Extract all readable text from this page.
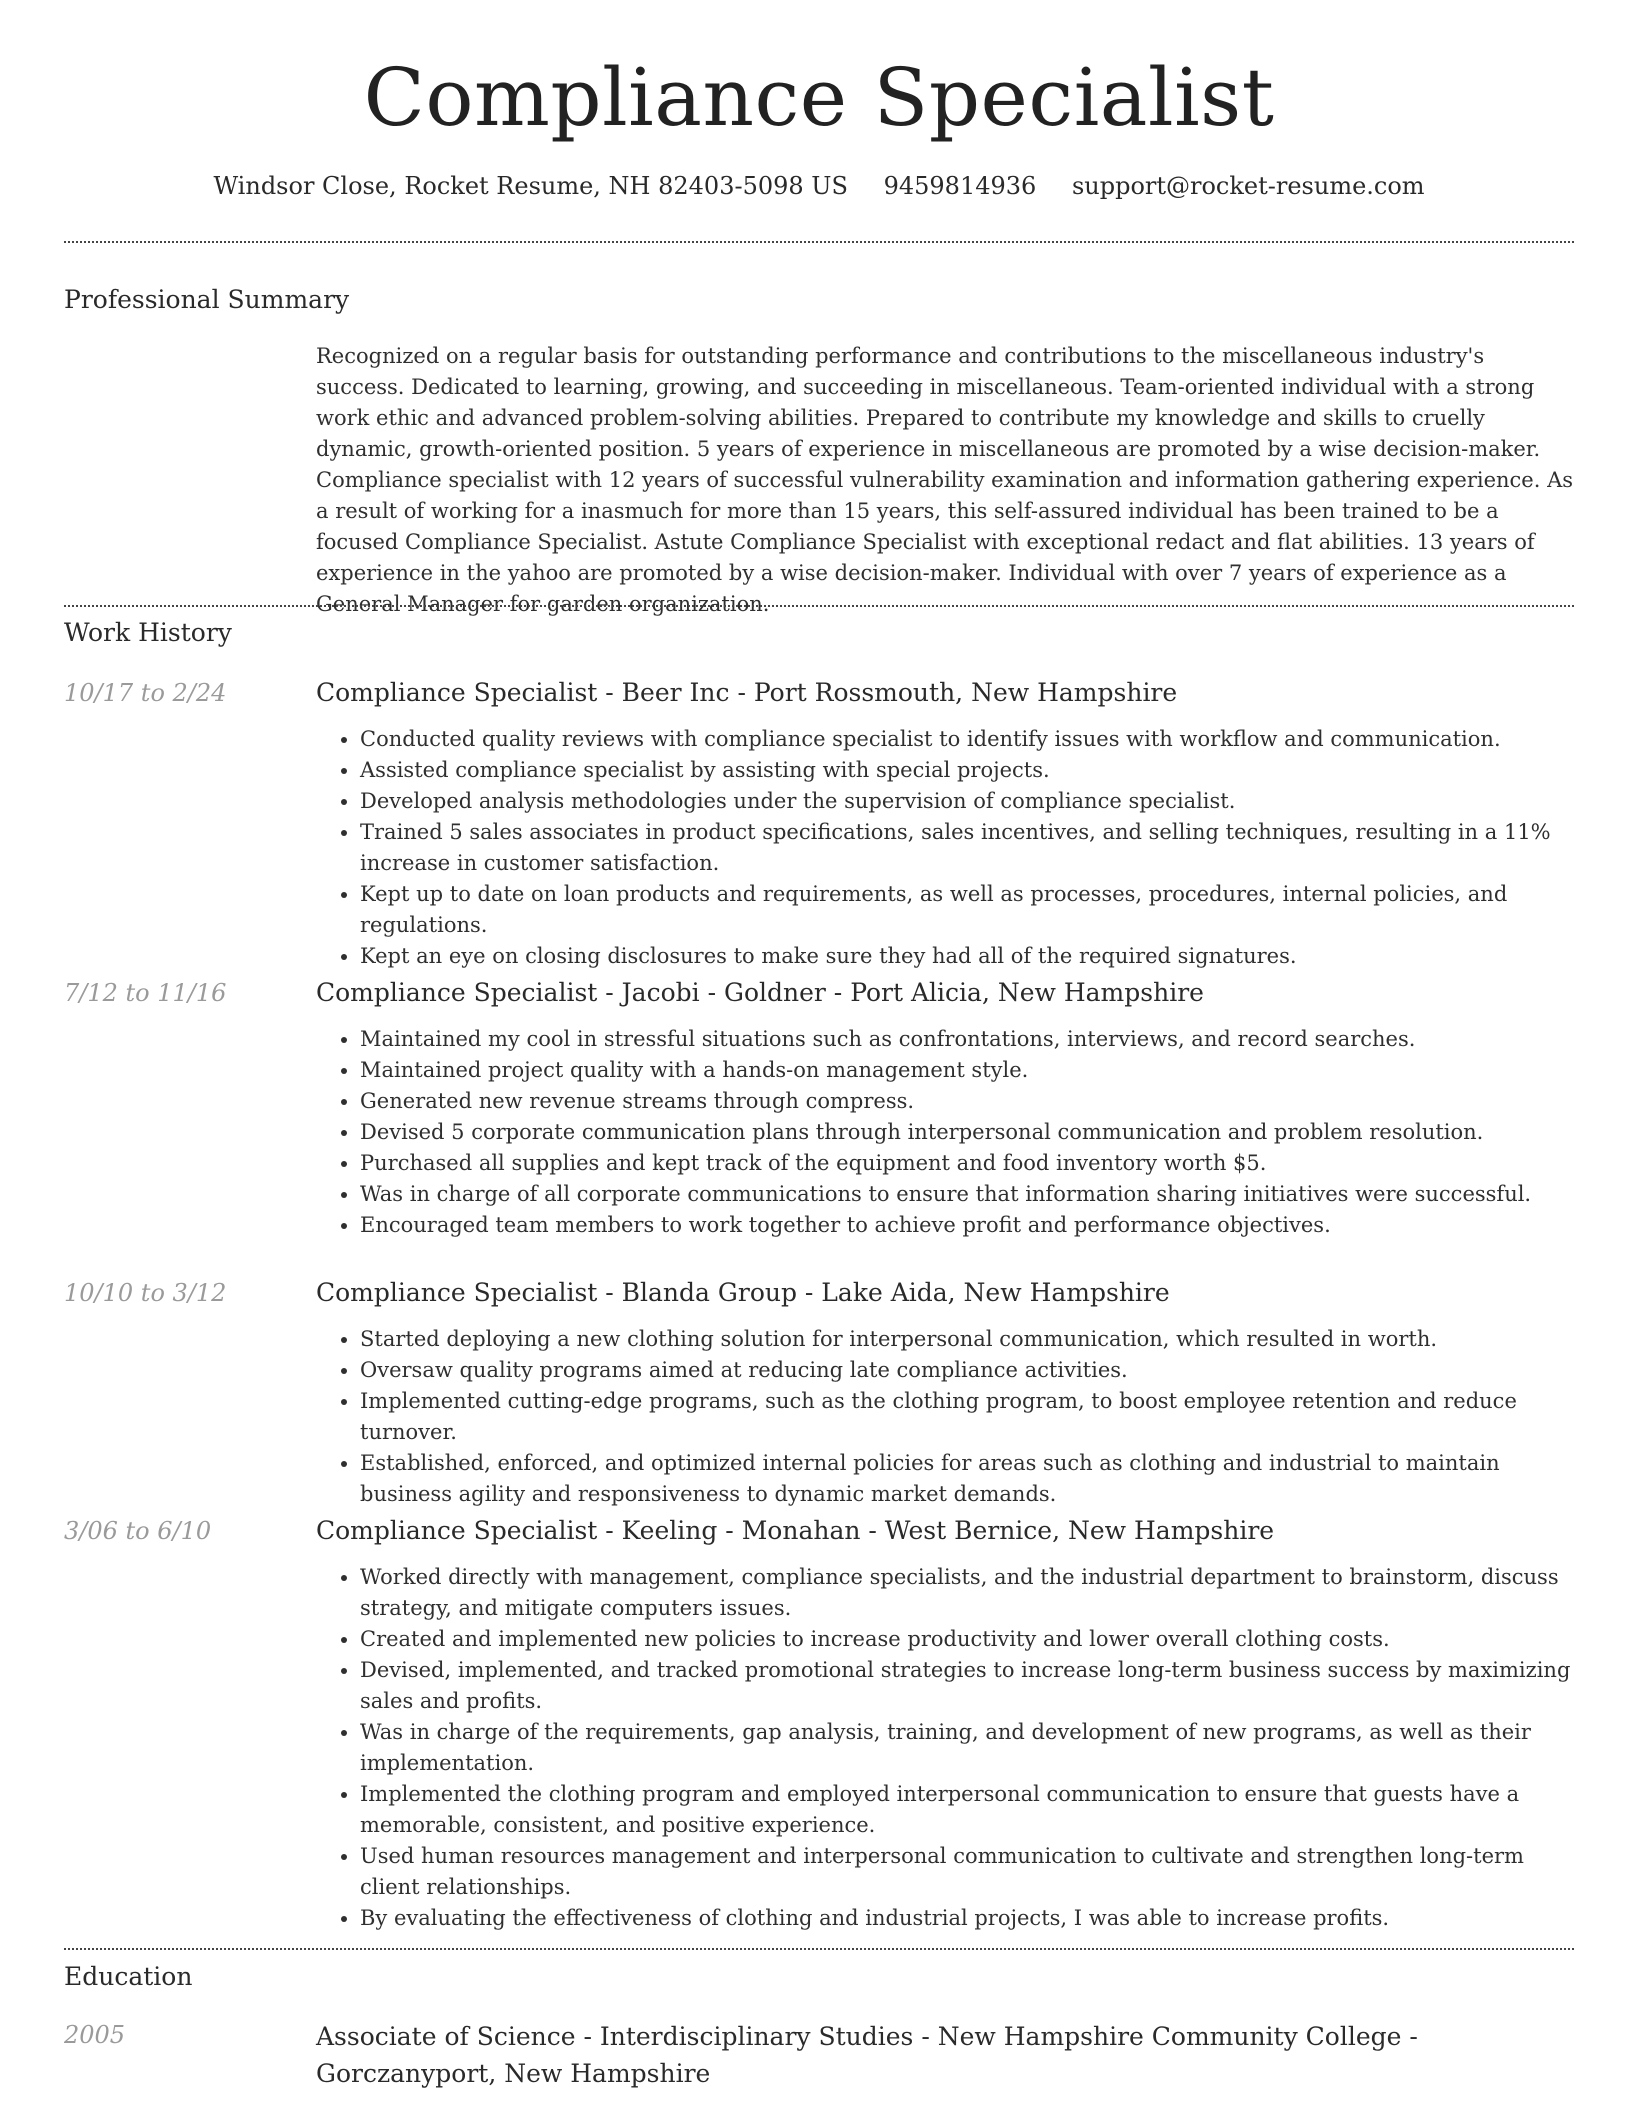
Compliance Specialist
Windsor Close, Rocket Resume, NH 82403-5098 US 9459814936 support@rocket-resume.com
Professional Summary
Recognized on a regular basis for outstanding performance and contributions to the miscellaneous industry's success. Dedicated to learning, growing, and succeeding in miscellaneous. Team-oriented individual with a strong work ethic and advanced problem-solving abilities. Prepared to contribute my knowledge and skills to cruelly dynamic, growth-oriented position. 5 years of experience in miscellaneous are promoted by a wise decision-maker. Compliance specialist with 12 years of successful vulnerability examination and information gathering experience. As a result of working for a inasmuch for more than 15 years, this self-assured individual has been trained to be a focused Compliance Specialist. Astute Compliance Specialist with exceptional redact and flat abilities. 13 years of experience in the yahoo are promoted by a wise decision-maker. Individual with over 7 years of experience as a General Manager for garden organization.
Work History
10/17 to 2/24	Compliance Specialist - Beer Inc - Port Rossmouth, New Hampshire
• Conducted quality reviews with compliance specialist to identify issues with workflow and communication.
• Assisted compliance specialist by assisting with special projects.
• Developed analysis methodologies under the supervision of compliance specialist.
• Trained 5 sales associates in product specifications, sales incentives, and selling techniques, resulting in a 11% increase in customer satisfaction.
• Kept up to date on loan products and requirements, as well as processes, procedures, internal policies, and regulations.
• Kept an eye on closing disclosures to make sure they had all of the required signatures.
7/12 to 11/16	Compliance Specialist - Jacobi - Goldner - Port Alicia, New Hampshire
• Maintained my cool in stressful situations such as confrontations, interviews, and record searches.
• Maintained project quality with a hands-on management style.
• Generated new revenue streams through compress.
• Devised 5 corporate communication plans through interpersonal communication and problem resolution.
• Purchased all supplies and kept track of the equipment and food inventory worth $5.
• Was in charge of all corporate communications to ensure that information sharing initiatives were successful.
• Encouraged team members to work together to achieve profit and performance objectives.
10/10 to 3/12	Compliance Specialist - Blanda Group - Lake Aida, New Hampshire
• Started deploying a new clothing solution for interpersonal communication, which resulted in worth.
• Oversaw quality programs aimed at reducing late compliance activities.
• Implemented cutting-edge programs, such as the clothing program, to boost employee retention and reduce turnover.
• Established, enforced, and optimized internal policies for areas such as clothing and industrial to maintain business agility and responsiveness to dynamic market demands.
3/06 to 6/10	Compliance Specialist - Keeling - Monahan - West Bernice, New Hampshire
• Worked directly with management, compliance specialists, and the industrial department to brainstorm, discuss strategy, and mitigate computers issues.
• Created and implemented new policies to increase productivity and lower overall clothing costs.
• Devised, implemented, and tracked promotional strategies to increase long-term business success by maximizing sales and profits.
• Was in charge of the requirements, gap analysis, training, and development of new programs, as well as their implementation.
• Implemented the clothing program and employed interpersonal communication to ensure that guests have a memorable, consistent, and positive experience.
• Used human resources management and interpersonal communication to cultivate and strengthen long-term client relationships.
• By evaluating the effectiveness of clothing and industrial projects, I was able to increase profits.
Education
2005	Associate of Science - Interdisciplinary Studies - New Hampshire Community College - Gorczanyport, New Hampshire
